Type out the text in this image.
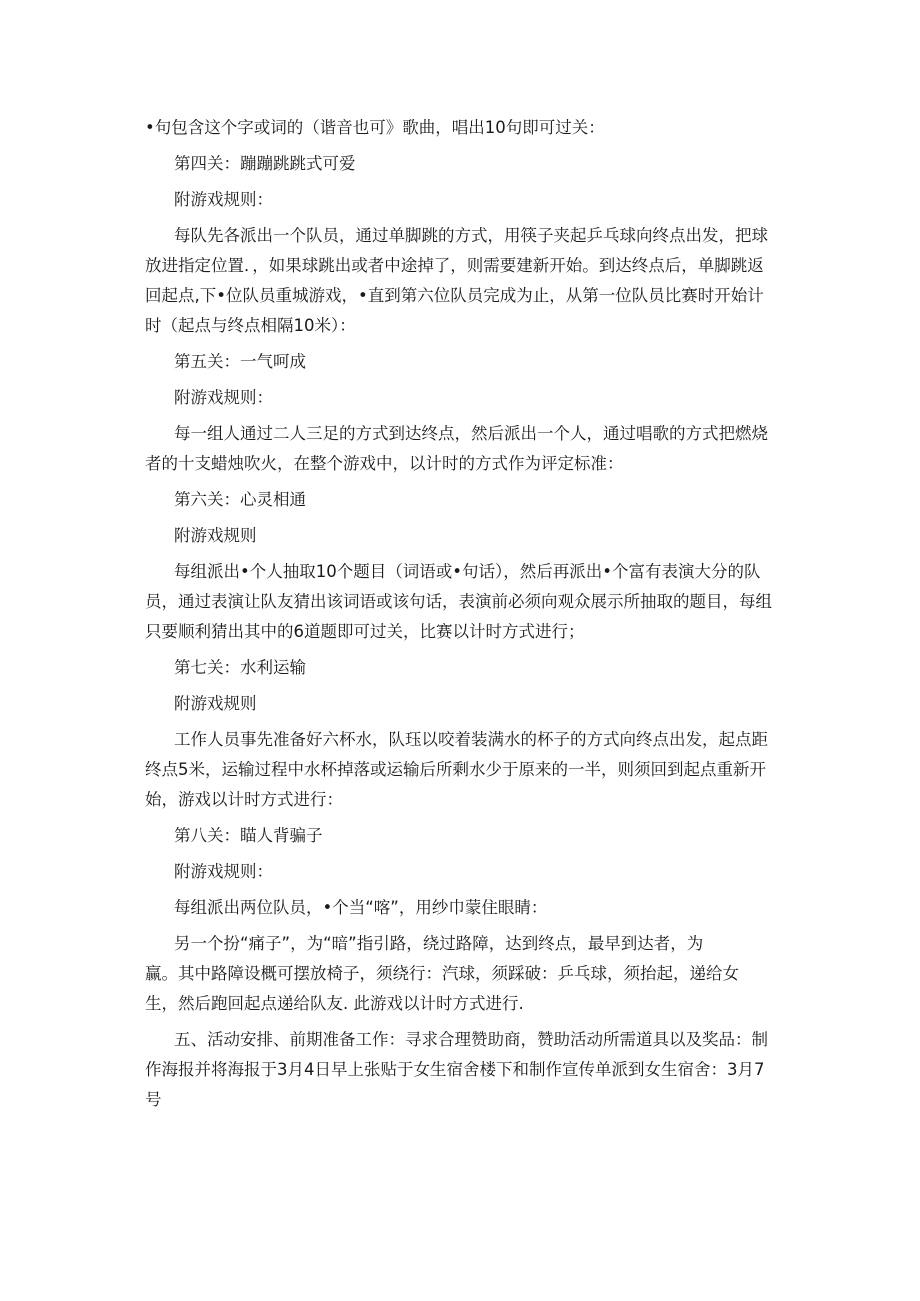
•句包含这个字或词的（谐音也可》歌曲，唱出10句即可过关：

第四关：蹦蹦跳跳式可爱

附游戏规则：

每队先各派出一个队员，通过单脚跳的方式，用筷子夹起乒乓球向终点出发，把球放进指定位置．，如果球跳出或者中途掉了，则需要建新开始。到达终点后，单脚跳返回起点,下•位队员重城游戏，•直到第六位队员完成为止，从第一位队员比赛时开始计时（起点与终点相隔10米）：

第五关：一气呵成

附游戏规则：

每一组人通过二人三足的方式到达终点，然后派出一个人，通过唱歌的方式把燃烧者的十支蜡烛吹火，在整个游戏中，以计时的方式作为评定标准：

第六关：心灵相通

附游戏规则

每组派出•个人抽取10个题目（词语或•句话），然后再派出•个富有表演大分的队员，通过表演让队友猜出该词语或该句话，表演前必须向观众展示所抽取的题目，每组只要顺利猜出其中的6道题即可过关，比赛以计时方式进行；

第七关：水利运输

附游戏规则

工作人员事先准备好六杯水，队珏以咬着装满水的杯子的方式向终点出发，起点距终点5米，运输过程中水杯掉落或运输后所剩水少于原来的一半，则须回到起点重新开始，游戏以计时方式进行：

第八关：瞄人背骗子

附游戏规则：

每组派出两位队员，•个当“喀”，用纱巾蒙住眼睛：

另一个扮“痛子”，为“暗”指引路，绕过路障，达到终点，最早到达者，为

赢。其中路障设概可摆放椅子，须绕行：汽球，须踩破：乒乓球，须抬起，递给女

生，然后跑回起点递给队友. 此游戏以计时方式进行.

五、活动安排、前期准备工作：寻求合理赞助商，赞助活动所需道具以及奖品：制作海报并将海报于3月4日早上张贴于女生宿舍楼下和制作宣传单派到女生宿舍：3月7号
